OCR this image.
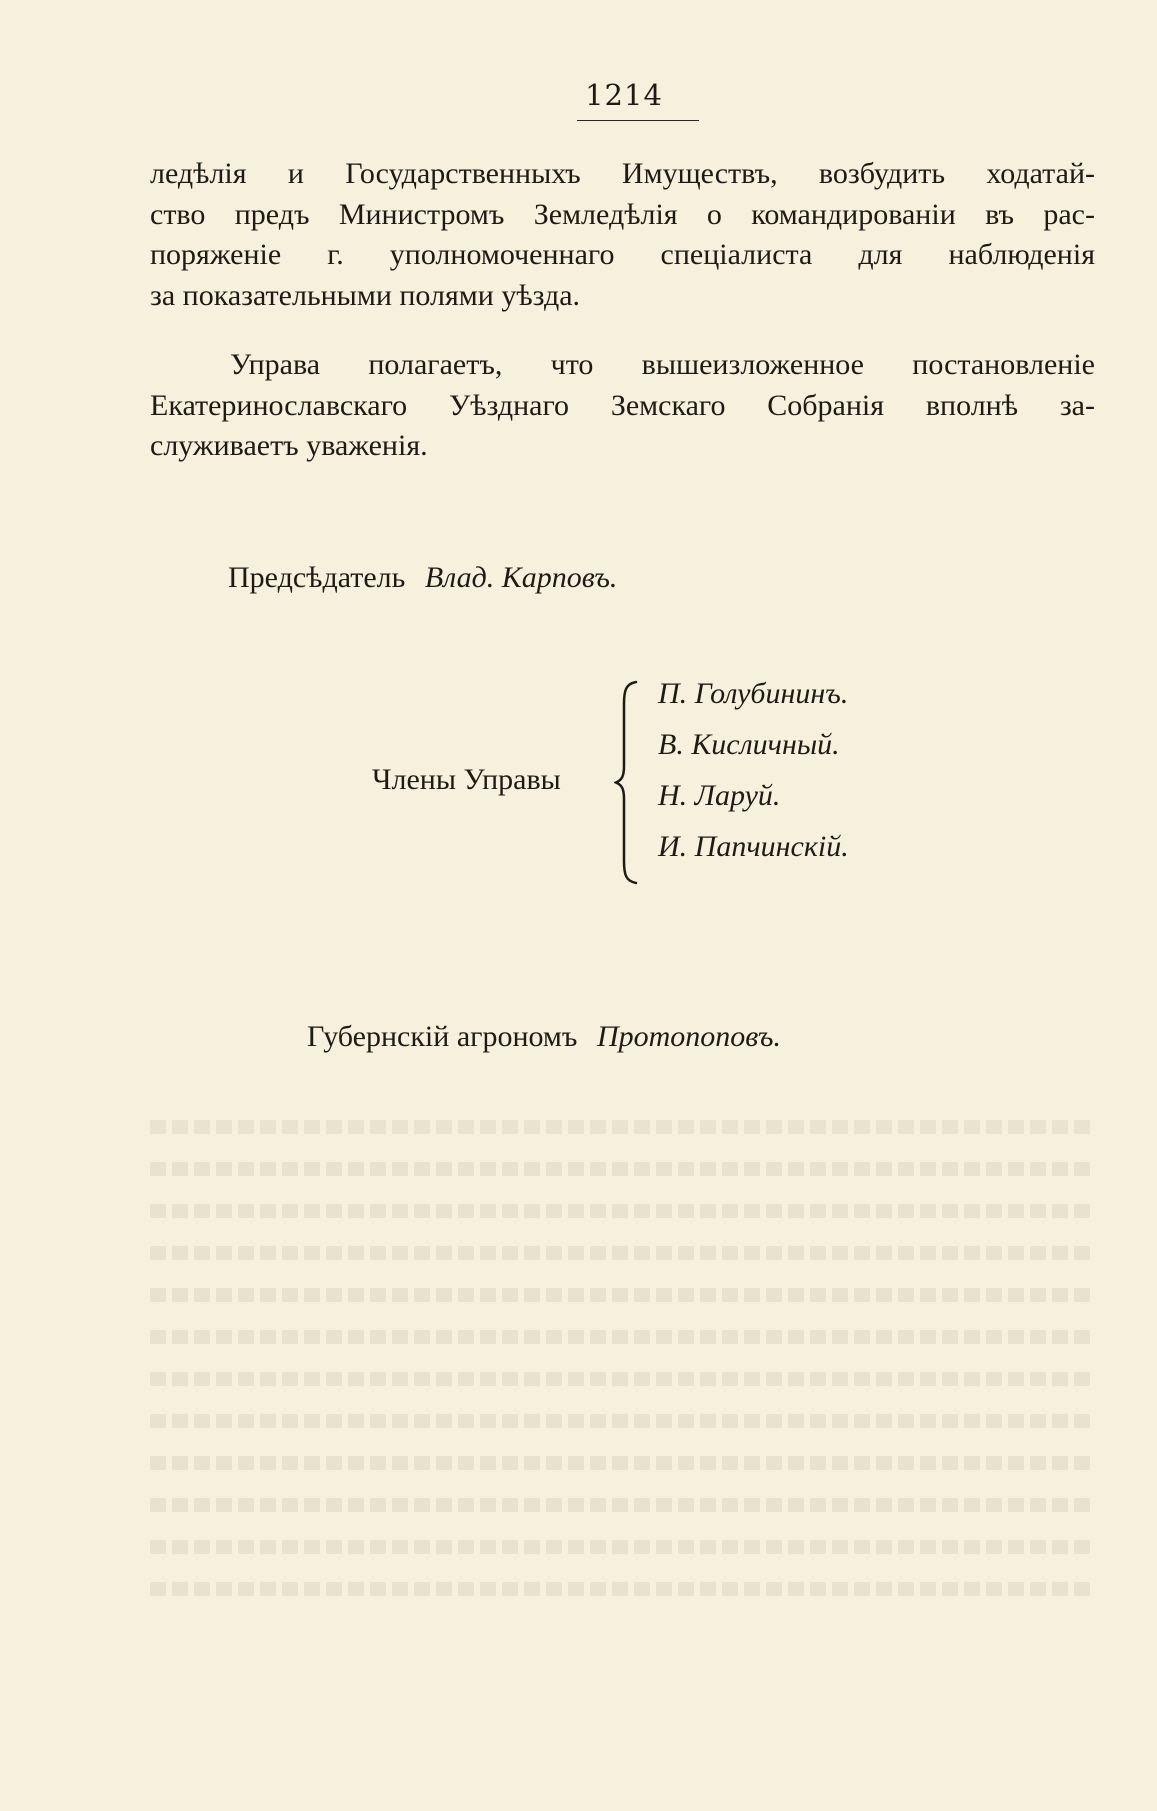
1214

ледѣлія и Государственныхъ Имуществъ, возбудить ходатай-
ство предъ Министромъ Земледѣлія о командированіи въ рас-
поряженіе г. уполномоченнаго спеціалиста для наблюденія
за показательными полями уѣзда.

Управа полагаетъ, что вышеизложенное постановленіе
Екатеринославскаго Уѣзднаго Земскаго Собранія вполнѣ за-
служиваетъ уваженія.

Предсѣдатель Влад. Карповъ.
Члены Управы
П. Голубининъ.
В. Кисличный.
Н. Ларуй.
И. Папчинскій.
Губернскій агрономъ Протопоповъ.
